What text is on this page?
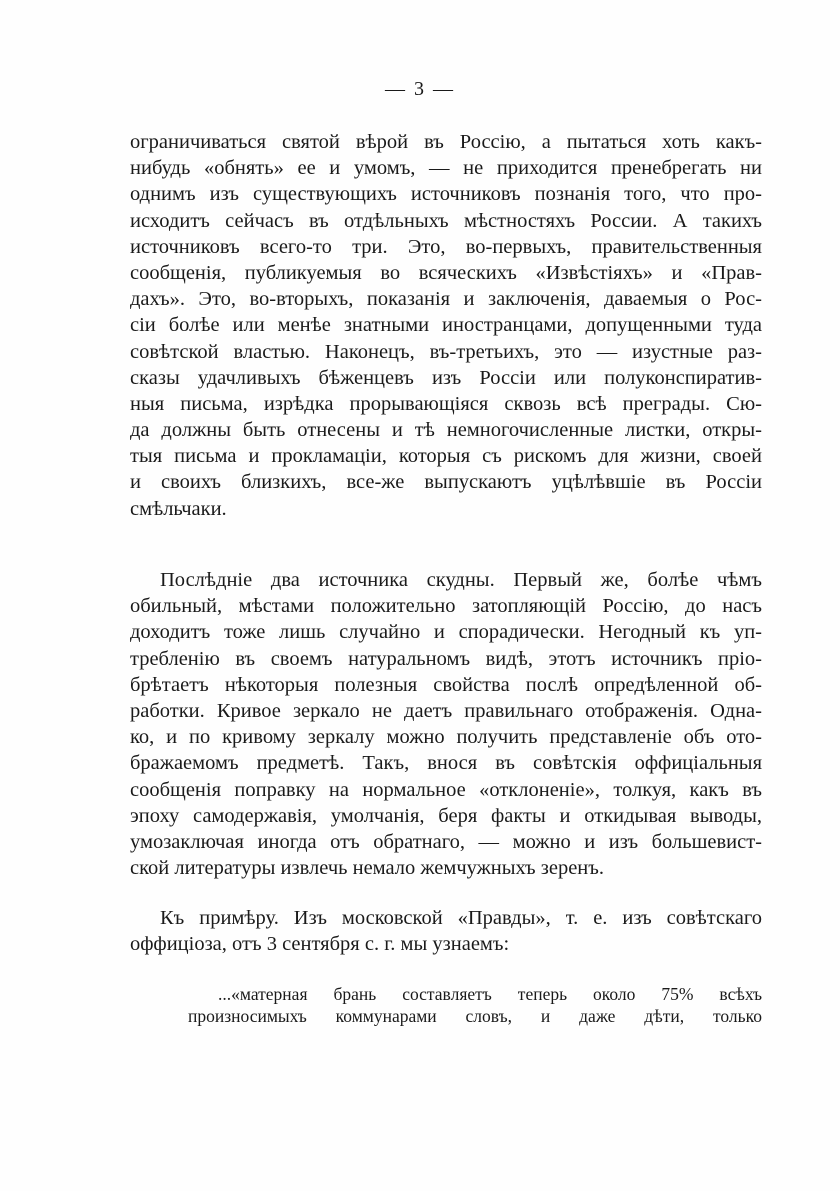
— 3 —
ограничиваться святой вѣрой въ Россію, а пытаться хоть какъ-
нибудь «обнять» ее и умомъ, — не приходится пренебрегать ни
однимъ изъ существующихъ источниковъ познанія того, что про-
исходитъ сейчасъ въ отдѣльныхъ мѣстностяхъ России. А такихъ
источниковъ всего-то три. Это, во-первыхъ, правительственныя
сообщенія, публикуемыя во всяческихъ «Извѣстіяхъ» и «Прав-
дахъ». Это, во-вторыхъ, показанія и заключенія, даваемыя о Рос-
сіи болѣе или менѣе знатными иностранцами, допущенными туда
совѣтской властью. Наконецъ, въ-третьихъ, это — изустные раз-
сказы удачливыхъ бѣженцевъ изъ Россіи или полуконспиратив-
ныя письма, изрѣдка прорывающіяся сквозь всѣ преграды. Сю-
да должны быть отнесены и тѣ немногочисленные листки, откры-
тыя письма и прокламаціи, которыя съ рискомъ для жизни, своей
и своихъ близкихъ, все-же выпускаютъ уцѣлѣвшіе въ Россіи
смѣльчаки.
Послѣдніе два источника скудны. Первый же, болѣе чѣмъ
обильный, мѣстами положительно затопляющій Россію, до насъ
доходитъ тоже лишь случайно и спорадически. Негодный къ уп-
требленію въ своемъ натуральномъ видѣ, этотъ источникъ прio-
брѣтаетъ нѣкоторыя полезныя свойства послѣ опредѣленной об-
работки. Кривое зеркало не даетъ правильнаго отображенія. Одна-
ко, и по кривому зеркалу можно получить представленіе объ ото-
бражаемомъ предметѣ. Такъ, внося въ совѣтскія оффиціальныя
сообщенія поправку на нормальное «отклоненіе», толкуя, какъ въ
эпоху самодержавія, умолчанія, беря факты и откидывая выводы,
умозаключая иногда отъ обратнаго, — можно и изъ большевист-
ской литературы извлечь немало жемчужныхъ зеренъ.
Къ примѣру. Изъ московской «Правды», т. е. изъ совѣтскаго
оффиціоза, отъ 3 сентября с. г. мы узнаемъ:
...«матерная брань составляетъ теперь около 75% всѣхъ
произносимыхъ коммунарами словъ, и даже дѣти, только
